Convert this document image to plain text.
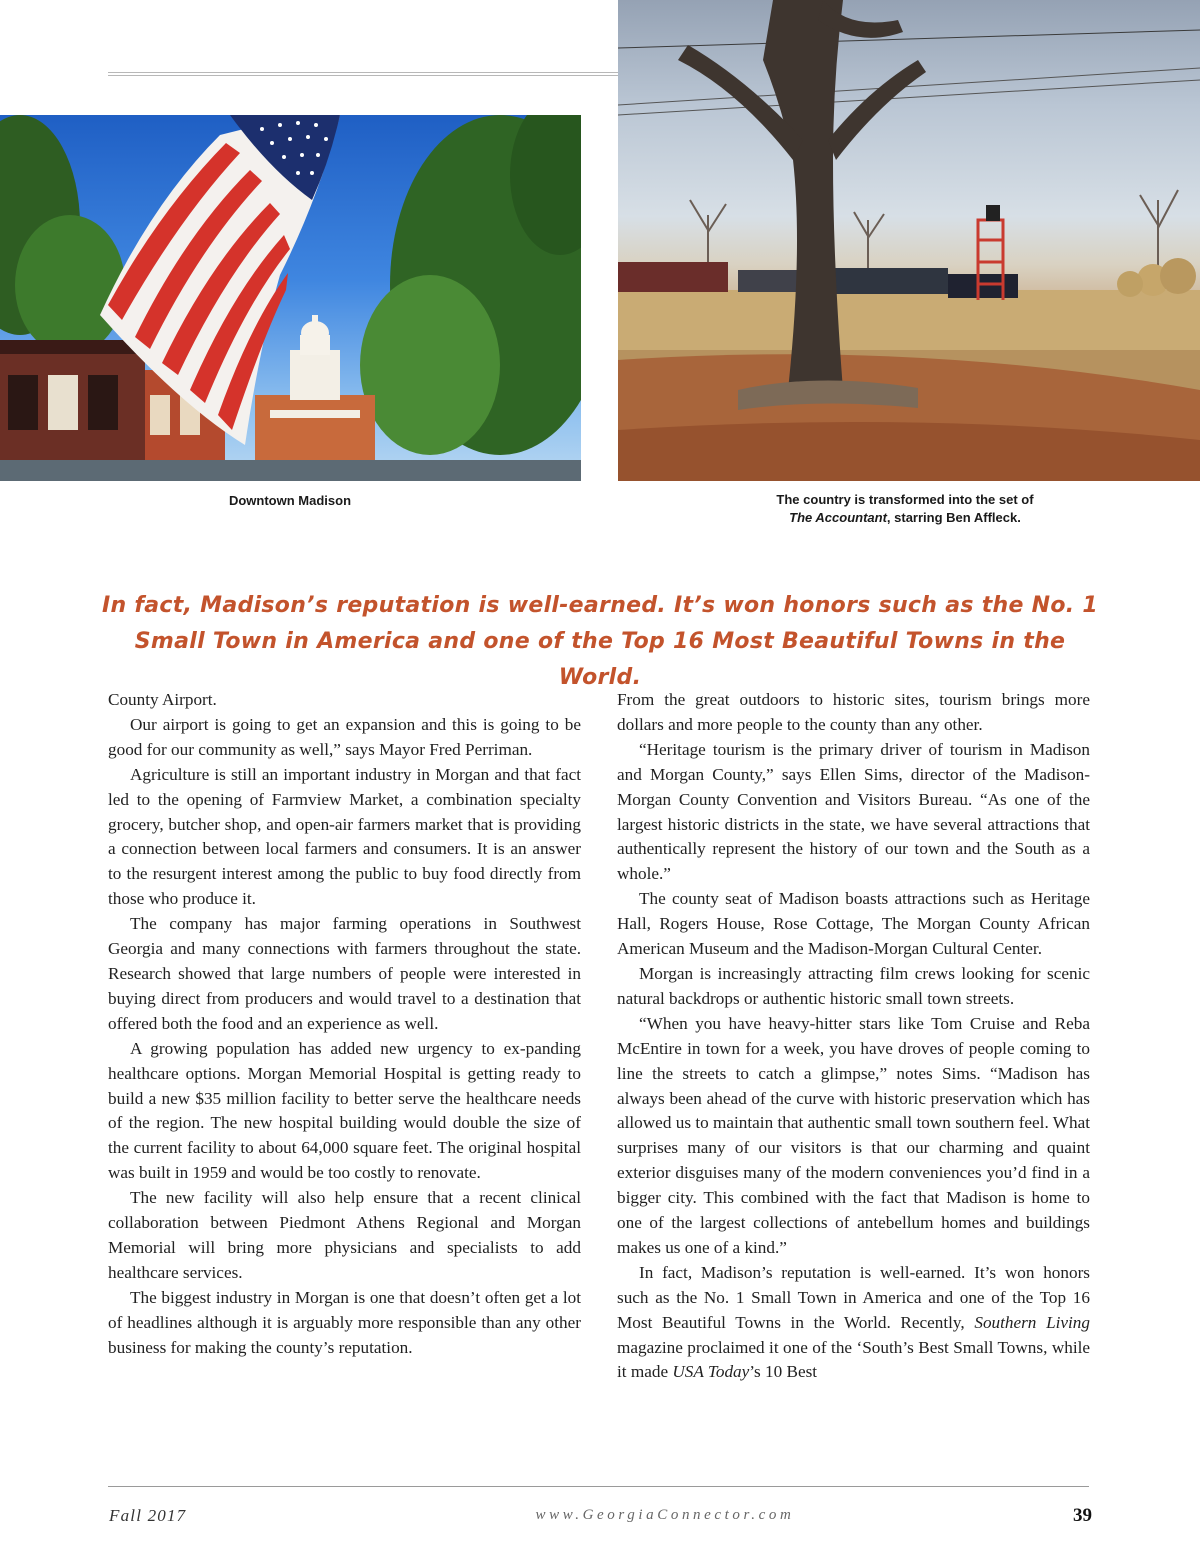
Downtown Madison	The country is transformed into the set of
The Accountant, starring Ben Affleck.
In fact, Madison’s reputation is well-earned. It’s won honors such as the No. 1 Small Town in America and one of the Top 16 Most Beautiful Towns in the World.

County Airport.

Our airport is going to get an expansion and this is going to be good for our community as well,” says Mayor Fred Perriman.

Agriculture is still an important industry in Morgan and that fact led to the opening of Farmview Market, a combination specialty grocery, butcher shop, and open-air farmers market that is providing a connection between local farmers and consumers. It is an answer to the resurgent interest among the public to buy food directly from those who produce it.

The company has major farming operations in Southwest Georgia and many connections with farmers throughout the state. Research showed that large numbers of people were interested in buying direct from producers and would travel to a destination that offered both the food and an experience as well.

A growing population has added new urgency to ex-panding healthcare options. Morgan Memorial Hospital is getting ready to build a new $35 million facility to better serve the healthcare needs of the region. The new hospital building would double the size of the current facility to about 64,000 square feet. The original hospital was built in 1959 and would be too costly to renovate.

The new facility will also help ensure that a recent clinical collaboration between Piedmont Athens Regional and Morgan Memorial will bring more physicians and specialists to add healthcare services.

The biggest industry in Morgan is one that doesn’t often get a lot of headlines although it is arguably more responsible than any other business for making the county’s reputation.

From the great outdoors to historic sites, tourism brings more dollars and more people to the county than any other.

“Heritage tourism is the primary driver of tourism in Madison and Morgan County,” says Ellen Sims, director of the Madison-Morgan County Convention and Visitors Bureau. “As one of the largest historic districts in the state, we have several attractions that authentically represent the history of our town and the South as a whole.”

The county seat of Madison boasts attractions such as Heritage Hall, Rogers House, Rose Cottage, The Morgan County African American Museum and the Madison-Morgan Cultural Center.

Morgan is increasingly attracting film crews looking for scenic natural backdrops or authentic historic small town streets.

“When you have heavy-hitter stars like Tom Cruise and Reba McEntire in town for a week, you have droves of people coming to line the streets to catch a glimpse,” notes Sims. “Madison has always been ahead of the curve with historic preservation which has allowed us to maintain that authentic small town southern feel. What surprises many of our visitors is that our charming and quaint exterior disguises many of the modern conveniences you’d find in a bigger city. This combined with the fact that Madison is home to one of the largest collections of antebellum homes and buildings makes us one of a kind.”

In fact, Madison’s reputation is well-earned. It’s won honors such as the No. 1 Small Town in America and one of the Top 16 Most Beautiful Towns in the World. Recently, Southern Living magazine proclaimed it one of the ‘South’s Best Small Towns, while it made USA Today’s 10 Best

Fall 2017	www.GeorgiaConnector.com	39
